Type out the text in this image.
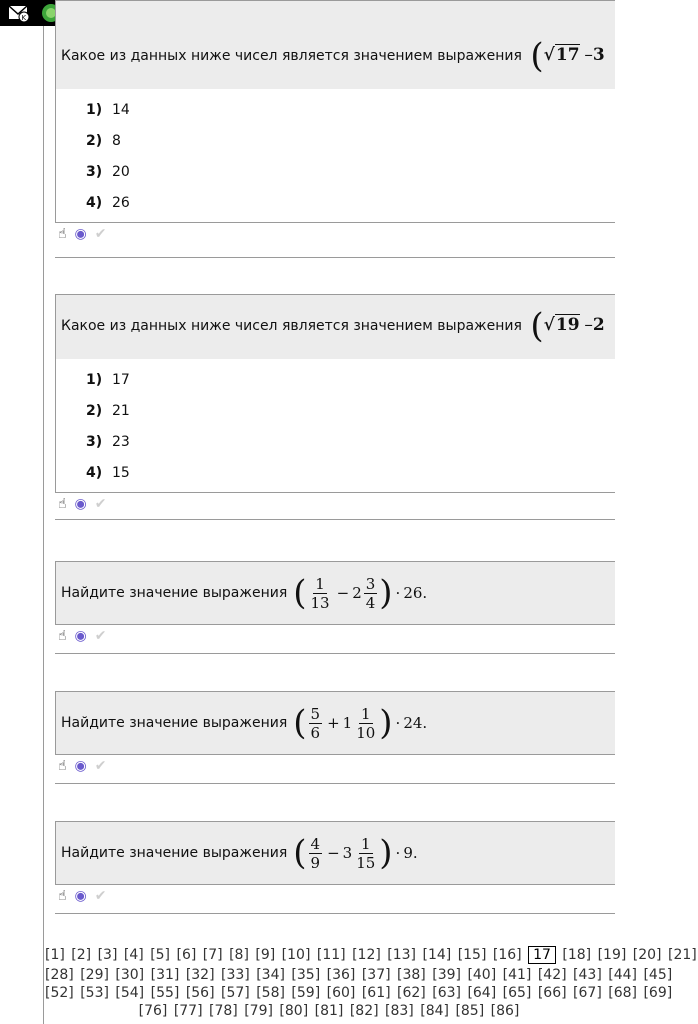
K
Какое из данных ниже чисел является значением выражения (√17 –3
1) 14
2) 8
3) 20
4) 26
☝ ◉ ✔
Какое из данных ниже чисел является значением выражения (√19 –2
1) 17
2) 21
3) 23
4) 15
☝ ◉ ✔
Найдите значение выражения ( $\frac{1}{13} - 2 \frac{3}{4}$ ) · 26.
☝ ◉ ✔
Найдите значение выражения ( $\frac{5}{6} + 1 \frac{1}{10}$ ) · 24.
☝ ◉ ✔
Найдите значение выражения ( $\frac{4}{9} - 3 \frac{1}{15}$ ) · 9.
☝ ◉ ✔
[1] [2] [3] [4] [5] [6] [7] [8] [9] [10] [11] [12] [13] [14] [15] [16] 17 [18] [19] [20] [21]
[28] [29] [30] [31] [32] [33] [34] [35] [36] [37] [38] [39] [40] [41] [42] [43] [44] [45]
[52] [53] [54] [55] [56] [57] [58] [59] [60] [61] [62] [63] [64] [65] [66] [67] [68] [69]
[76] [77] [78] [79] [80] [81] [82] [83] [84] [85] [86]
